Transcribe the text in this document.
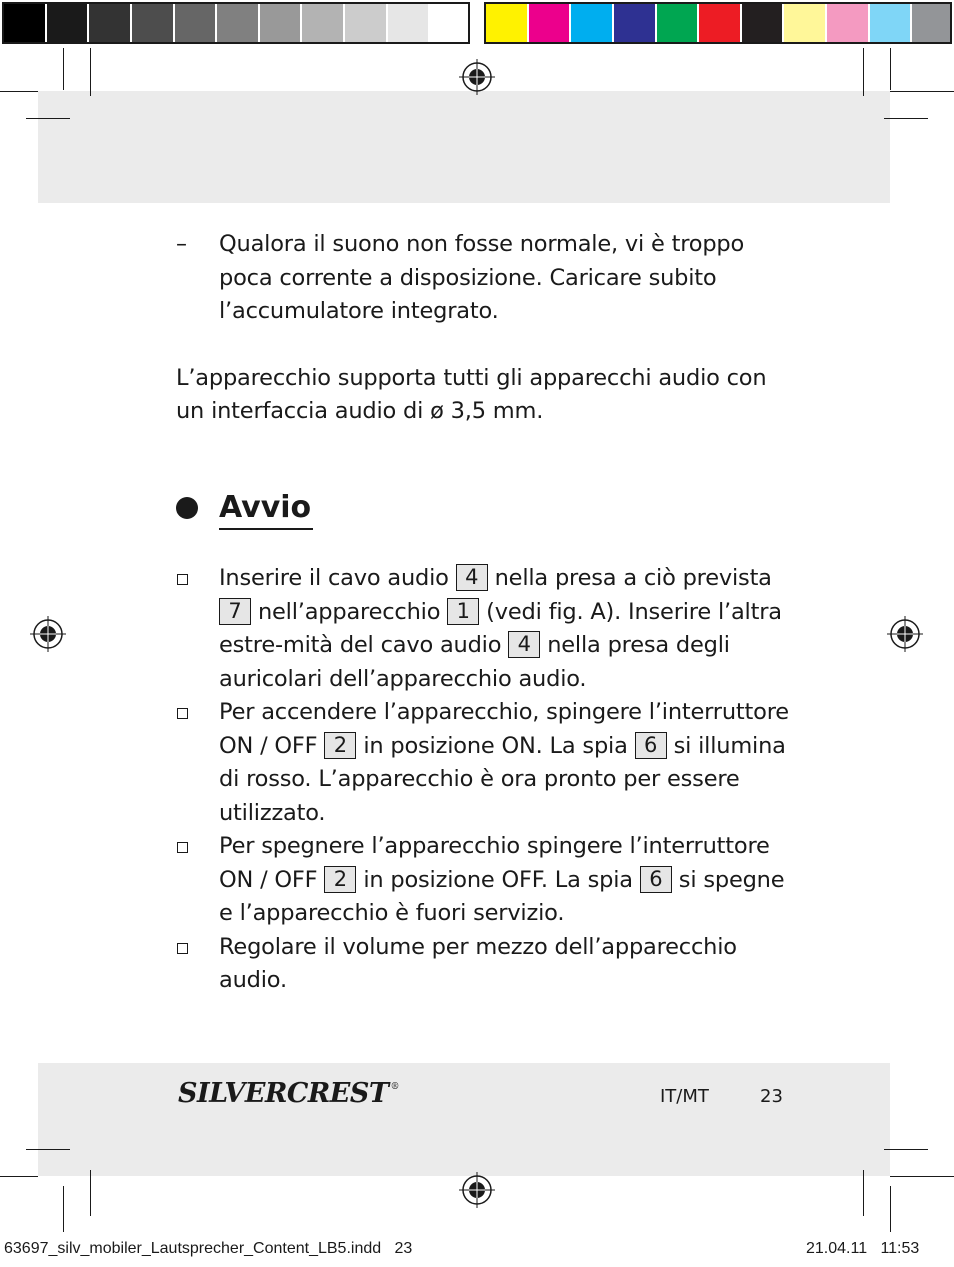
–	Qualora il suono non fosse normale, vi è troppo poca corrente a disposizione. Caricare subito l’accumulatore integrato.

L’apparecchio supporta tutti gli apparecchi audio con un interfaccia audio di ø 3,5 mm.

Avvio
Inserire il cavo audio 4 nella presa a ciò prevista 7 nell’apparecchio 1 (vedi fig. A). Inserire l’altra estre-mità del cavo audio 4 nella presa degli auricolari dell’apparecchio audio.
Per accendere l’apparecchio, spingere l’interruttore ON / OFF 2 in posizione ON. La spia 6 si illumina di rosso. L’apparecchio è ora pronto per essere utilizzato.
Per spegnere l’apparecchio spingere l’interruttore ON / OFF 2 in posizione OFF. La spia 6 si spegne e l’apparecchio è fuori servizio.
Regolare il volume per mezzo dell’apparecchio audio.
SILVERCREST ®	IT/MT	23
63697_silv_mobiler_Lautsprecher_Content_LB5.indd 23	21.04.11 11:53
